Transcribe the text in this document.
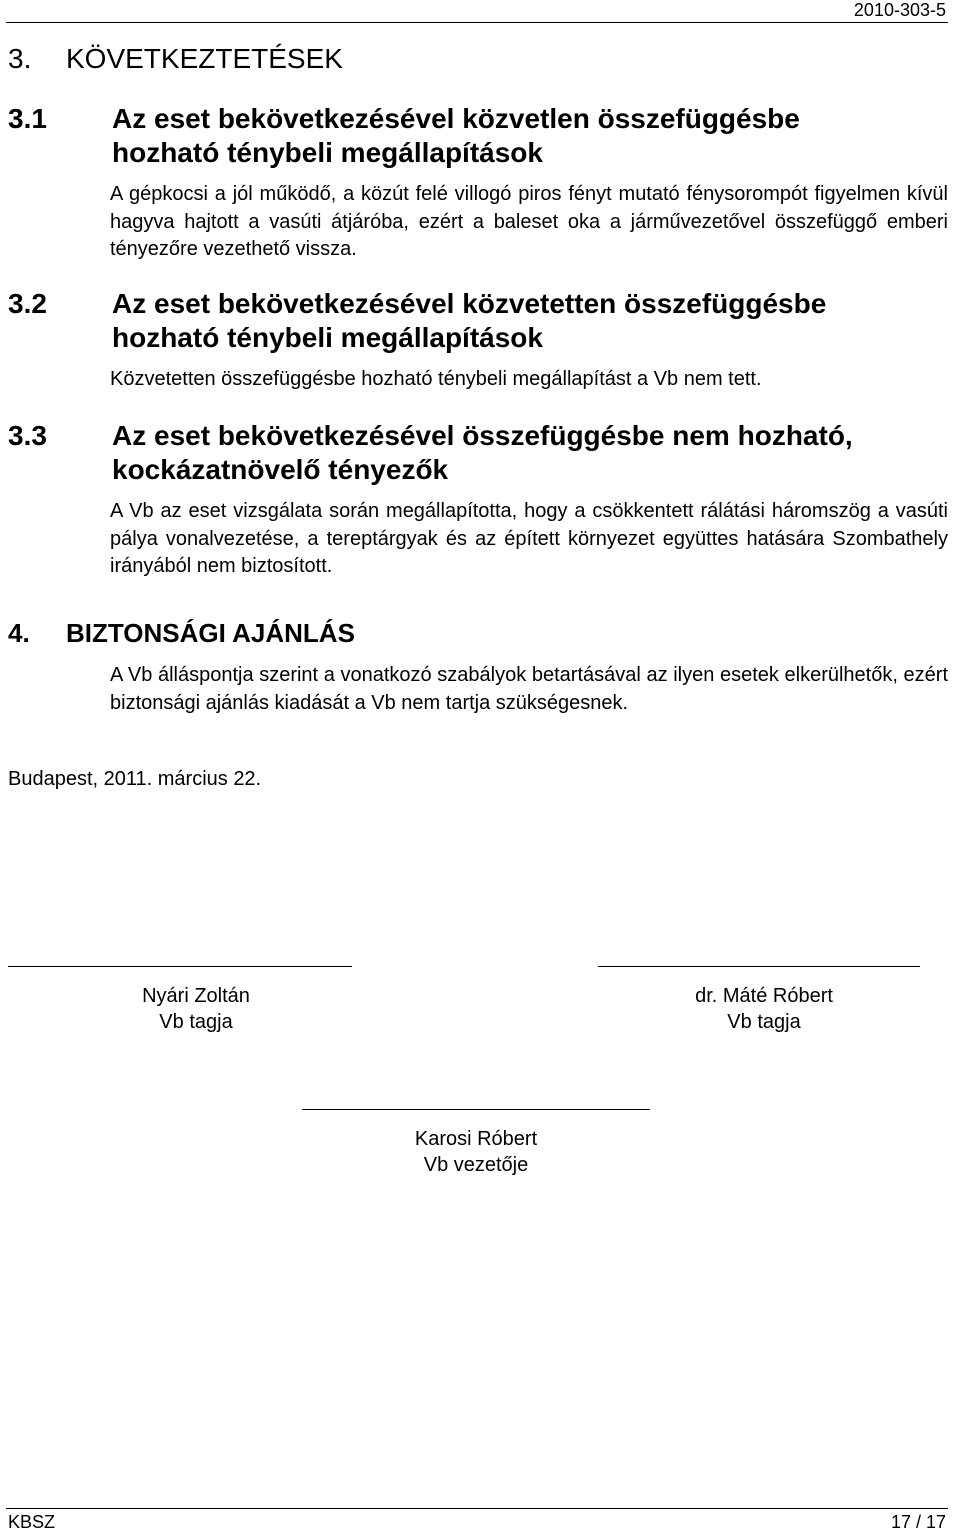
2010-303-5
3. KÖVETKEZTETÉSEK
3.1 Az eset bekövetkezésével közvetlen összefüggésbe hozható ténybeli megállapítások
A gépkocsi a jól működő, a közút felé villogó piros fényt mutató fénysorompót figyelmen kívül hagyva hajtott a vasúti átjáróba, ezért a baleset oka a járművezetővel összefüggő emberi tényezőre vezethető vissza.
3.2 Az eset bekövetkezésével közvetetten összefüggésbe hozható ténybeli megállapítások
Közvetetten összefüggésbe hozható ténybeli megállapítást a Vb nem tett.
3.3 Az eset bekövetkezésével összefüggésbe nem hozható, kockázatnövelő tényezők
A Vb az eset vizsgálata során megállapította, hogy a csökkentett rálátási háromszög a vasúti pálya vonalvezetése, a tereptárgyak és az épített környezet együttes hatására Szombathely irányából nem biztosított.
4. BIZTONSÁGI AJÁNLÁS
A Vb álláspontja szerint a vonatkozó szabályok betartásával az ilyen esetek elkerülhetők, ezért biztonsági ajánlás kiadását a Vb nem tartja szükségesnek.
Budapest, 2011. március 22.
Nyári Zoltán
Vb tagja
dr. Máté Róbert
Vb tagja
Karosi Róbert
Vb vezetője
KBSZ	17 / 17
